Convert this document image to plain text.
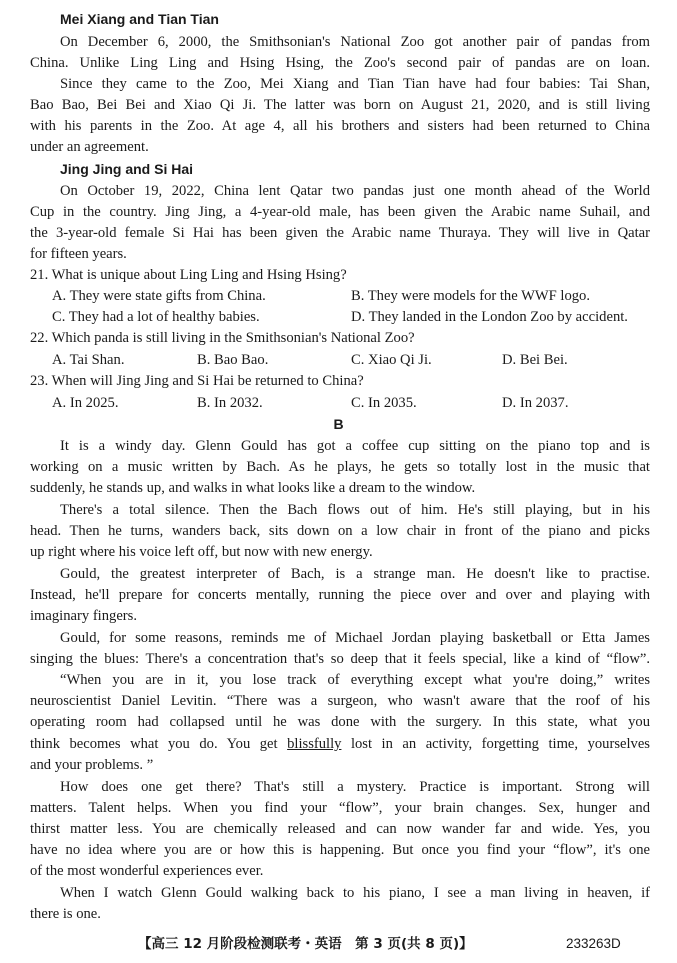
Mei Xiang and Tian Tian
On December 6, 2000, the Smithsonian's National Zoo got another pair of pandas from
China. Unlike Ling Ling and Hsing Hsing, the Zoo's second pair of pandas are on loan.
Since they came to the Zoo, Mei Xiang and Tian Tian have had four babies: Tai Shan,
Bao Bao, Bei Bei and Xiao Qi Ji. The latter was born on August 21, 2020, and is still living
with his parents in the Zoo. At age 4, all his brothers and sisters had been returned to China
under an agreement.
Jing Jing and Si Hai
On October 19, 2022, China lent Qatar two pandas just one month ahead of the World
Cup in the country. Jing Jing, a 4-year-old male, has been given the Arabic name Suhail, and
the 3-year-old female Si Hai has been given the Arabic name Thuraya. They will live in Qatar
for fifteen years.
21. What is unique about Ling Ling and Hsing Hsing?
A. They were state gifts from China.	B. They were models for the WWF logo.
C. They had a lot of healthy babies.	D. They landed in the London Zoo by accident.
22. Which panda is still living in the Smithsonian's National Zoo?
A. Tai Shan.	B. Bao Bao.	C. Xiao Qi Ji.	D. Bei Bei.
23. When will Jing Jing and Si Hai be returned to China?
A. In 2025.	B. In 2032.	C. In 2035.	D. In 2037.
B
It is a windy day. Glenn Gould has got a coffee cup sitting on the piano top and is
working on a music written by Bach. As he plays, he gets so totally lost in the music that
suddenly, he stands up, and walks in what looks like a dream to the window.
There's a total silence. Then the Bach flows out of him. He's still playing, but in his
head. Then he turns, wanders back, sits down on a low chair in front of the piano and picks
up right where his voice left off, but now with new energy.
Gould, the greatest interpreter of Bach, is a strange man. He doesn't like to practise.
Instead, he'll prepare for concerts mentally, running the piece over and over and playing with
imaginary fingers.
Gould, for some reasons, reminds me of Michael Jordan playing basketball or Etta James
singing the blues: There's a concentration that's so deep that it feels special, like a kind of “flow”.
“When you are in it, you lose track of everything except what you're doing,” writes
neuroscientist Daniel Levitin. “There was a surgeon, who wasn't aware that the roof of his
operating room had collapsed until he was done with the surgery. In this state, what you
think becomes what you do. You get blissfully lost in an activity, forgetting time, yourselves
and your problems. ”
How does one get there? That's still a mystery. Practice is important. Strong will
matters. Talent helps. When you find your “flow”, your brain changes. Sex, hunger and
thirst matter less. You are chemically released and can now wander far and wide. Yes, you
have no idea where you are or how this is happening. But once you find your “flow”, it's one
of the most wonderful experiences ever.
When I watch Glenn Gould walking back to his piano, I see a man living in heaven, if
there is one.
【高三 12 月阶段检测联考・英语　第 3 页(共 8 页)】	233263D
